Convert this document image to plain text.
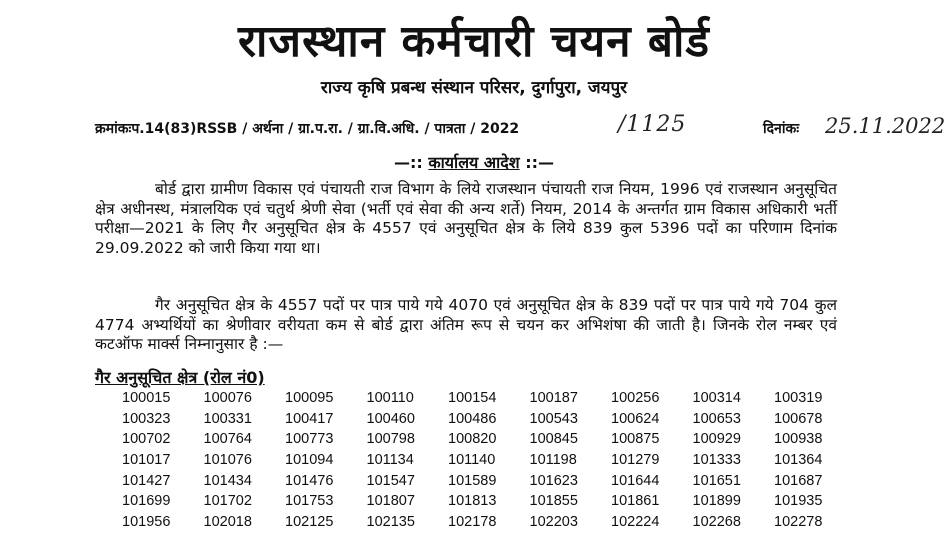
राजस्थान कर्मचारी चयन बोर्ड
राज्य कृषि प्रबन्ध संस्थान परिसर, दुर्गापुरा, जयपुर
क्रमांकःप.14(83)RSSB / अर्थना / ग्रा.प.रा. / ग्रा.वि.अधि. / पात्रता / 2022	/1125	दिनांकः 25.11.2022
—:: कार्यालय आदेश ::—
बोर्ड द्वारा ग्रामीण विकास एवं पंचायती राज विभाग के लिये राजस्थान पंचायती राज नियम, 1996 एवं राजस्थान अनुसूचित क्षेत्र अधीनस्थ, मंत्रालयिक एवं चतुर्थ श्रेणी सेवा (भर्ती एवं सेवा की अन्य शर्ते) नियम, 2014 के अन्तर्गत ग्राम विकास अधिकारी भर्ती परीक्षा—2021 के लिए गैर अनुसूचित क्षेत्र के 4557 एवं अनुसूचित क्षेत्र के लिये 839 कुल 5396 पदों का परिणाम दिनांक 29.09.2022 को जारी किया गया था।
गैर अनुसूचित क्षेत्र के 4557 पदों पर पात्र पाये गये 4070 एवं अनुसूचित क्षेत्र के 839 पदों पर पात्र पाये गये 704 कुल 4774 अभ्यर्थियों का श्रेणीवार वरीयता कम से बोर्ड द्वारा अंतिम रूप से चयन कर अभिशंषा की जाती है। जिनके रोल नम्बर एवं कटऑफ मार्क्स निम्नानुसार है :—
गैर अनुसूचित क्षेत्र (रोल नं0)
100015	100076	100095	100110	100154	100187	100256	100314	100319
100323	100331	100417	100460	100486	100543	100624	100653	100678
100702	100764	100773	100798	100820	100845	100875	100929	100938
101017	101076	101094	101134	101140	101198	101279	101333	101364
101427	101434	101476	101547	101589	101623	101644	101651	101687
101699	101702	101753	101807	101813	101855	101861	101899	101935
101956	102018	102125	102135	102178	102203	102224	102268	102278
